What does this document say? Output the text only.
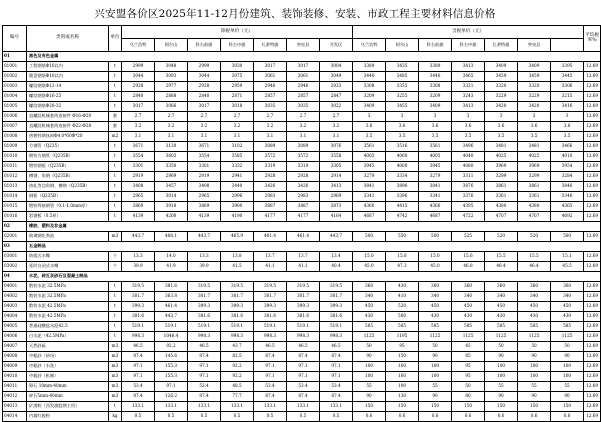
兴安盟各价区2025年11-12月份建筑、装饰装修、安装、市政工程主要材料信息价格
编号	类别或名称	单位	除税单价（元）							含税单价（元）							平均税率%
			乌兰浩特	阿尔山	科右前旗	科右中旗	扎赉特旗	突泉县	开发区	乌兰浩特	阿尔山	科右前旗	科右中旗	扎赉特旗	突泉县		
01	黑色及有色金属																
01001	工程钢筋Φ10以内	t	2999	3048	2999	3030	3017	3017	3004	3389	3435	3389	3413	3409	3409	3395	12.69
01002	圆盘钢筋Φ10以内	t	3044	3093	3044	3075	3061	3061	3049	3440	3485	3440	3465	3459	3459	3445	12.69
01003	螺纹钢筋Φ12-14	t	2928	2977	2928	2959	2946	2946	2933	3308	3355	3308	3321	3320	3320	3306	12.69
01004	螺纹钢筋Φ16-25	t	2840	2888	2840	2871	2857	2857	2847	3209	3255	3209	3243	3229	3229	3215	12.69
01005	螺纹钢筋Φ28-32	t	3017	3066	3017	3018	3035	3035	3022	3409	3455	3409	3413	3420	3420	3416	12.69
01006	直螺纹机械套筒连接件 Φ16-Φ20	套	2.7	2.7	2.7	2.7	2.7	2.7	2.7	3	3	3	3	3	3	3	12.69
01007	直螺纹机械套筒连接件 Φ22-Φ28	套	3.2	3.2	3.2	3.2	3.2	3.2	3.2	3.6	3.6	3.6	3.6	3.6	3.6	3.6	12.69
01008	热镀锌钢丝网Φ4.0*60Φ*20	m2	3.1	3.1	3.1	3.1	3.1	3.1	3.1	3.5	3.5	3.5	3.5	3.5	3.5	3.5	12.69
01009	方钢管（Q235）	t	3671	3120	3671	3102	3089	3089	3076	3561	3516	3561	3496	3481	3481	3466	12.69
01010	镀锌方钢管（Q235B）	t	3554	3603	3554	3585	3572	3572	3558	4005	4060	4005	4040	4025	4025	4010	12.69
01011	镀锌钢板（Q235B）	t	3301	3350	3301	3332	3319	3319	3305	3945	4000	3945	4080	3969	3969	3954	12.69
01012	槽钢、角钢（Q235B）	t	2919	2969	2919	2941	2928	2928	2914	3279	3334	3279	3311	3299	3299	3284	12.69
01013	热轧等边角钢、槽钢（Q235B）	t	3408	3457	3408	3440	3426	3426	3413	3841	3896	3841	3876	3861	3861	3846	12.69
01014	钢板（Q235B）	t	2965	3014	2965	2996	2983	2983	2969	3341	3396	3341	3376	3361	3361	3346	12.69
01015	镀锌焊接钢管（0.1-1.0mm厚）	t	3869	3918	3869	3900	3887	3887	3873	4360	4415	4360	4395	4380	4380	4365	12.69
01016	彩钢板（0.5厚）	t	4139	4200	4139	4190	4177	4177	4164	4687	4742	4687	4722	4707	4707	4692	12.69
02	橡胶、塑料及非金属																
02001	玻璃钢化粪池	m3	443.7	488.1	443.7	465.9	461.4	461.4	443.7	500	550	500	525	520	520	500	12.69
03	五金制品																
03001	防爬式水嘴	个	13.3	14.0	13.3	13.8	13.7	13.7	13.4	15.0	15.8	15.0	15.6	15.5	15.5	15.1	12.69
03002	延时自闭式水嘴	个	39.9	41.9	39.9	41.5	41.1	41.1	40.4	45.0	47.3	45.0	46.8	46.4	46.4	45.5	12.69
04	水泥、砖瓦灰砂石及混凝土制品																
04001	散装水泥 32.5MPa	t	319.5	381.6	319.5	319.5	319.5	319.5	319.5	360	430	360	360	360	360	360	12.69
04002	散装水泥 32.5MPa	t	301.7	363.8	301.7	301.7	301.7	301.7	301.7	340	410	340	340	340	340	340	12.69
04003	散装水泥 42.5MPa	t	399.3	461.4	399.3	399.3	399.3	399.3	399.3	450	520	450	450	450	450	450	12.69
04004	散装水泥 42.5MPa	t	381.6	443.7	381.6	381.6	381.6	381.6	381.6	430	500	430	430	430	430	430	12.69
04005	普通硅酸盐水泥42.5	t	519.1	519.1	519.1	519.1	519.1	519.1	519.1	585	585	585	585	585	585	585	12.69
04006	白水泥（42.5MPa）	t	998.3	1046.4	998.3	998.3	998.3	998.3	998.3	1125	1195	1125	1125	1125	1125	1125	12.69
04007	天然砂砾	m3	46.5	92.2	46.5	43.7	46.5	46.5	46.5	50	95	50	45	50	50	50	12.69
04008	中粗砂（砂场）	m3	87.4	145.6	87.4	82.5	87.4	87.4	87.4	90	150	90	85	90	90	90	12.69
04009	中粗砂（水洗）	m3	97.1	155.3	97.1	92.2	97.1	97.1	97.1	100	160	100	95	100	100	100	12.69
04010	中粗砂（机制）	m3	97.1	155.3	97.1	92.2	97.1	97.1	97.1	100	160	100	95	100	100	100	12.69
04011	卵石 10mm-40mm	m3	53.4	97.1	53.4	48.5	53.4	53.4	53.4	55	100	55	50	55	55	55	12.69
04012	碎石5mm-40mm	m3	87.4	126.2	87.4	77.7	87.4	87.4	87.4	90	130	90	80	90	90	90	12.69
04013	矿渣粉（西发旗股钢主用）	t	133.1	133.1	133.1	133.1	133.1	133.1	133.1	150	150	150	150	150	150	150	12.69
04014	内墙红胶粉	kg	0.5	0.5	0.5	0.5	0.5	0.5	0.5	0.6	0.6	0.6	0.6	0.6	0.6	0.6	12.69
